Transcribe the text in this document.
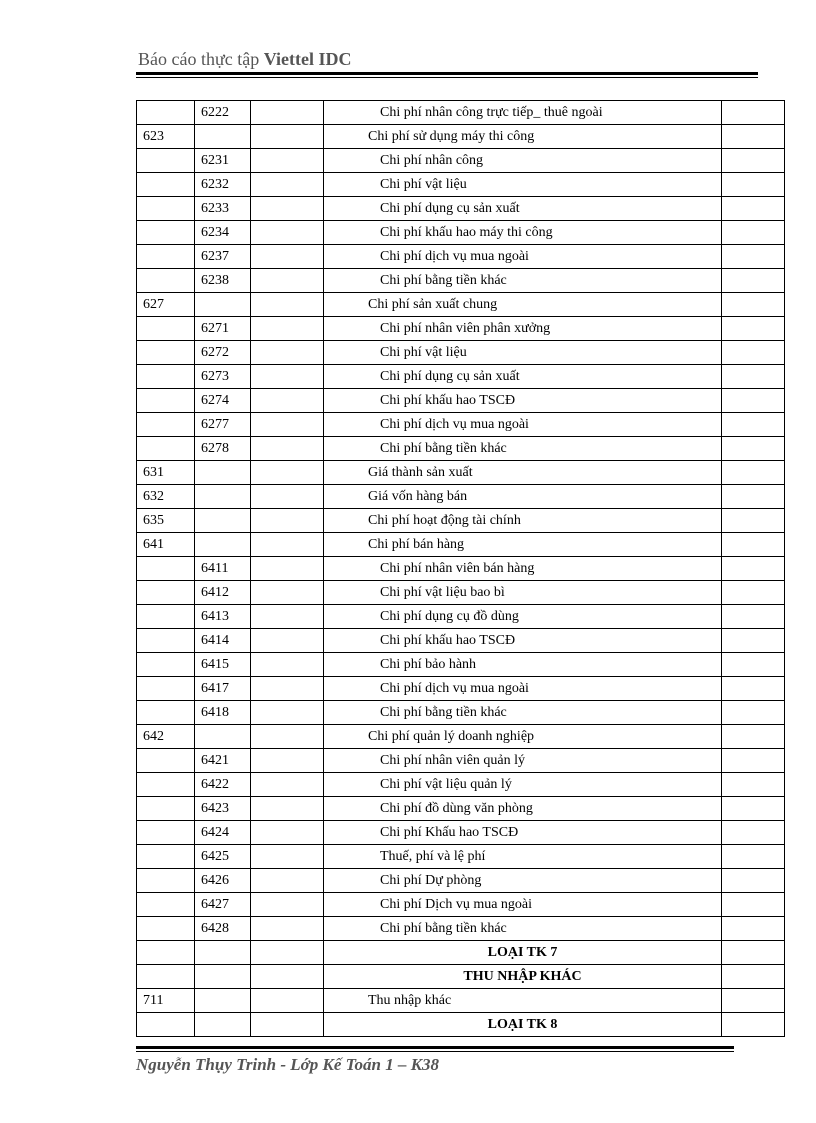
Báo cáo thực tập Viettel IDC
	6222		Chi phí nhân công trực tiếp_ thuê ngoài	
623			Chi phí sử dụng máy thi công	
	6231		Chi phí nhân công	
	6232		Chi phí vật liệu	
	6233		Chi phí dụng cụ sản xuất	
	6234		Chi phí khấu hao máy thi công	
	6237		Chi phí dịch vụ mua ngoài	
	6238		Chi phí bằng tiền khác	
627			Chi phí sản xuất chung	
	6271		Chi phí nhân viên phân xưởng	
	6272		Chi phí vật liệu	
	6273		Chi phí dụng cụ sản xuất	
	6274		Chi phí khấu hao TSCĐ	
	6277		Chi phí dịch vụ mua ngoài	
	6278		Chi phí bằng tiền khác	
631			Giá thành sản xuất	
632			Giá vốn hàng bán	
635			Chi phí hoạt động tài chính	
641			Chi phí bán hàng	
	6411		Chi phí nhân viên bán hàng	
	6412		Chi phí vật liệu bao bì	
	6413		Chi phí dụng cụ đồ dùng	
	6414		Chi phí khấu hao TSCĐ	
	6415		Chi phí bảo hành	
	6417		Chi phí dịch vụ mua ngoài	
	6418		Chi phí bằng tiền khác	
642			Chi phí quản lý doanh nghiệp	
	6421		Chi phí nhân viên quản lý	
	6422		Chi phí vật liệu quản lý	
	6423		Chi phí đồ dùng văn phòng	
	6424		Chi phí Khấu hao TSCĐ	
	6425		Thuế, phí và lệ phí	
	6426		Chi phí Dự phòng	
	6427		Chi phí Dịch vụ mua ngoài	
	6428		Chi phí bằng tiền khác	
			LOẠI TK 7	
			THU NHẬP KHÁC	
711			Thu nhập khác	
			LOẠI TK 8	
Nguyễn Thụy Trinh - Lớp Kế Toán 1 – K38
